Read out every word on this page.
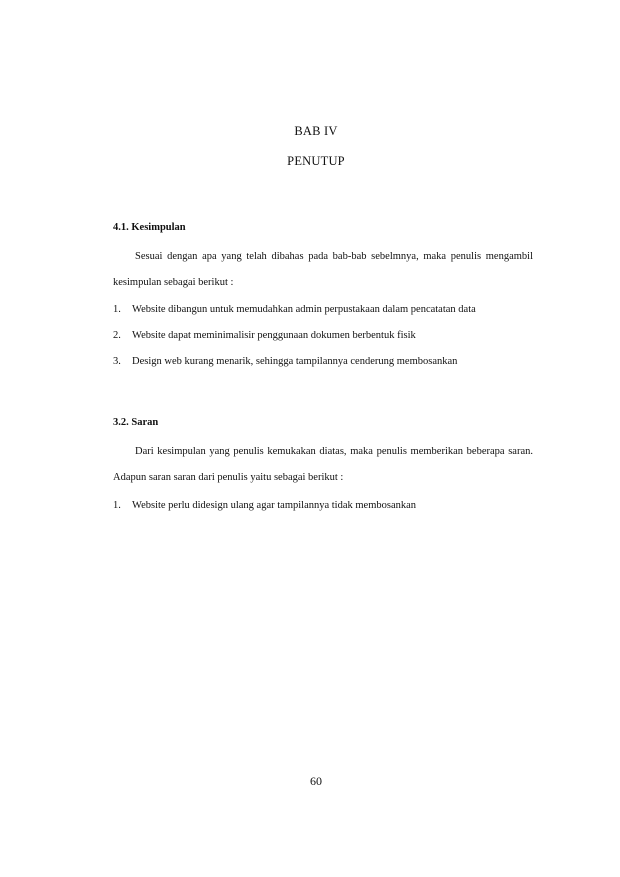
BAB IV
PENUTUP
4.1. Kesimpulan
Sesuai dengan apa yang telah dibahas pada bab-bab sebelmnya, maka penulis mengambil kesimpulan sebagai berikut :
1. Website dibangun untuk memudahkan admin perpustakaan dalam pencatatan data
2. Website dapat meminimalisir penggunaan dokumen berbentuk fisik
3. Design web kurang menarik, sehingga tampilannya cenderung membosankan
3.2. Saran
Dari kesimpulan yang penulis kemukakan diatas, maka penulis memberikan beberapa saran. Adapun saran saran dari penulis yaitu sebagai berikut :
1. Website perlu didesign ulang agar tampilannya tidak membosankan
60
